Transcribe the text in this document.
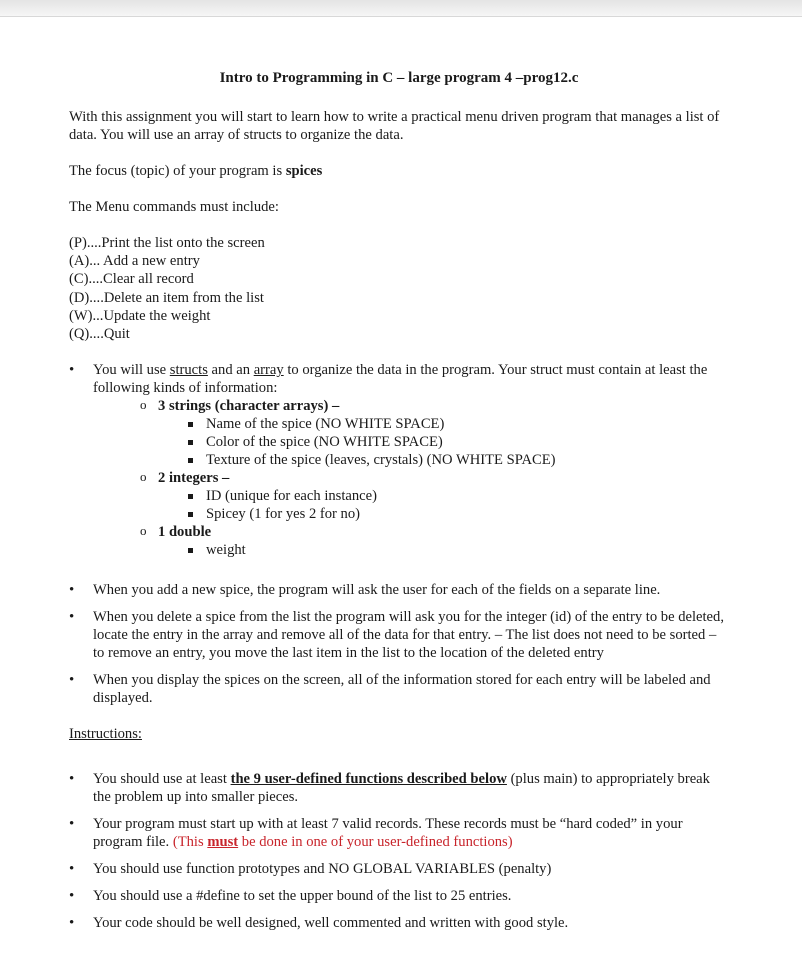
Intro to Programming in C – large program 4 –prog12.c

With this assignment you will start to learn how to write a practical menu driven program that manages a list of data. You will use an array of structs to organize the data.

The focus (topic) of your program is spices

The Menu commands must include:

(P)....Print the list onto the screen
(A)... Add a new entry
(C)....Clear all record
(D)....Delete an item from the list
(W)...Update the weight
(Q)....Quit
• You will use structs and an array to organize the data in the program. Your struct must contain at least the following kinds of information:
o 3 strings (character arrays) –
Name of the spice (NO WHITE SPACE)
Color of the spice (NO WHITE SPACE)
Texture of the spice (leaves, crystals) (NO WHITE SPACE)
o 2 integers –
ID (unique for each instance)
Spicey (1 for yes 2 for no)
o 1 double
weight
• When you add a new spice, the program will ask the user for each of the fields on a separate line.
• When you delete a spice from the list the program will ask you for the integer (id) of the entry to be deleted, locate the entry in the array and remove all of the data for that entry. – The list does not need to be sorted – to remove an entry, you move the last item in the list to the location of the deleted entry
• When you display the spices on the screen, all of the information stored for each entry will be labeled and displayed.

Instructions:

• You should use at least the 9 user-defined functions described below (plus main) to appropriately break the problem up into smaller pieces.
• Your program must start up with at least 7 valid records. These records must be “hard coded” in your program file. (This must be done in one of your user-defined functions)
• You should use function prototypes and NO GLOBAL VARIABLES (penalty)
• You should use a #define to set the upper bound of the list to 25 entries.
• Your code should be well designed, well commented and written with good style.
